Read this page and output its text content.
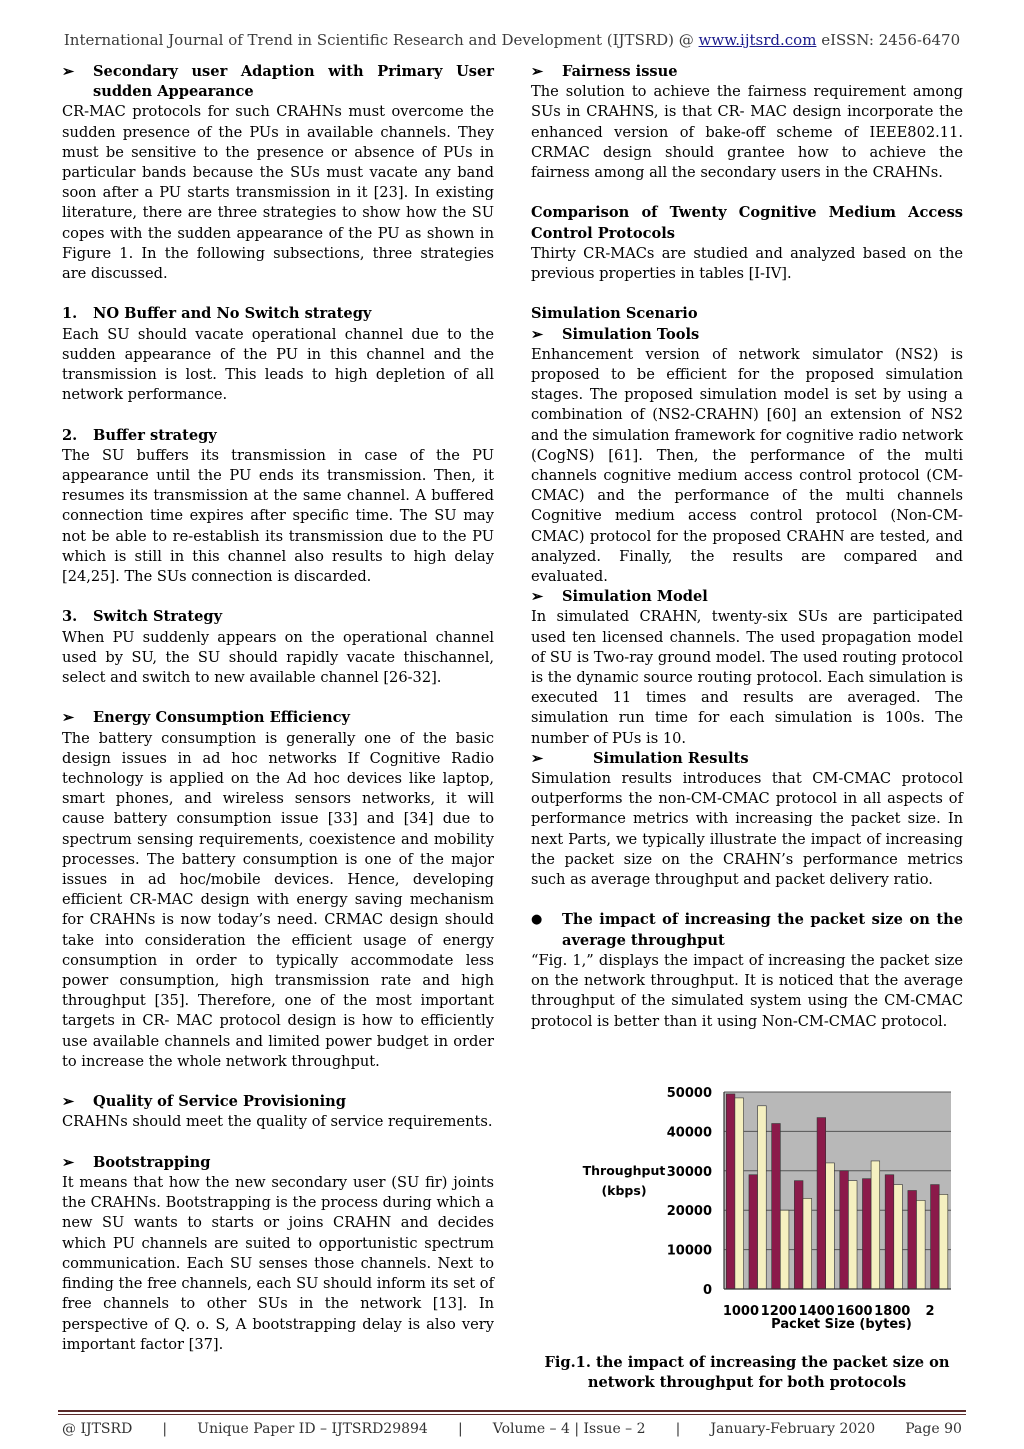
International Journal of Trend in Scientific Research and Development (IJTSRD) @ www.ijtsrd.com eISSN: 2456-6470
➢	Secondary user Adaption with Primary User sudden Appearance

CR-MAC protocols for such CRAHNs must overcome the sudden presence of the PUs in available channels. They must be sensitive to the presence or absence of PUs in particular bands because the SUs must vacate any band soon after a PU starts transmission in it [23]. In existing literature, there are three strategies to show how the SU copes with the sudden appearance of the PU as shown in Figure 1. In the following subsections, three strategies are discussed.

1.	NO Buffer and No Switch strategy

Each SU should vacate operational channel due to the sudden appearance of the PU in this channel and the transmission is lost. This leads to high depletion of all network performance.

2.	Buffer strategy

The SU buffers its transmission in case of the PU appearance until the PU ends its transmission. Then, it resumes its transmission at the same channel. A buffered connection time expires after specific time. The SU may not be able to re-establish its transmission due to the PU which is still in this channel also results to high delay [24,25]. The SUs connection is discarded.

3.	Switch Strategy

When PU suddenly appears on the operational channel used by SU, the SU should rapidly vacate thischannel, select and switch to new available channel [26-32].

➢	Energy Consumption Efficiency

The battery consumption is generally one of the basic design issues in ad hoc networks If Cognitive Radio technology is applied on the Ad hoc devices like laptop, smart phones, and wireless sensors networks, it will cause battery consumption issue [33] and [34] due to spectrum sensing requirements, coexistence and mobility processes. The battery consumption is one of the major issues in ad hoc/mobile devices. Hence, developing efficient CR-MAC design with energy saving mechanism for CRAHNs is now today’s need. CRMAC design should take into consideration the efficient usage of energy consumption in order to typically accommodate less power consumption, high transmission rate and high throughput [35]. Therefore, one of the most important targets in CR- MAC protocol design is how to efficiently use available channels and limited power budget in order to increase the whole network throughput.

➢	Quality of Service Provisioning

CRAHNs should meet the quality of service requirements.

➢	Bootstrapping

It means that how the new secondary user (SU fir) joints the CRAHNs. Bootstrapping is the process during which a new SU wants to starts or joins CRAHN and decides which PU channels are suited to opportunistic spectrum communication. Each SU senses those channels. Next to finding the free channels, each SU should inform its set of free channels to other SUs in the network [13]. In perspective of Q. o. S, A bootstrapping delay is also very important factor [37].

➢	Fairness issue

The solution to achieve the fairness requirement among SUs in CRAHNS, is that CR- MAC design incorporate the enhanced version of bake-off scheme of IEEE802.11. CRMAC design should grantee how to achieve the fairness among all the secondary users in the CRAHNs.

Comparison of Twenty Cognitive Medium Access Control Protocols

Thirty CR-MACs are studied and analyzed based on the previous properties in tables [I-IV].

Simulation Scenario

➢	Simulation Tools

Enhancement version of network simulator (NS2) is proposed to be efficient for the proposed simulation stages. The proposed simulation model is set by using a combination of (NS2-CRAHN) [60] an extension of NS2 and the simulation framework for cognitive radio network (CogNS) [61]. Then, the performance of the multi channels cognitive medium access control protocol (CM-CMAC) and the performance of the multi channels Cognitive medium access control protocol (Non-CM-CMAC) protocol for the proposed CRAHN are tested, and analyzed. Finally, the results are compared and evaluated.

➢	Simulation Model

In simulated CRAHN, twenty-six SUs are participated used ten licensed channels. The used propagation model of SU is Two-ray ground model. The used routing protocol is the dynamic source routing protocol. Each simulation is executed 11 times and results are averaged. The simulation run time for each simulation is 100s. The number of PUs is 10.

➢	Simulation Results

Simulation results introduces that CM-CMAC protocol outperforms the non-CM-CMAC protocol in all aspects of performance metrics with increasing the packet size. In next Parts, we typically illustrate the impact of increasing the packet size on the CRAHN’s performance metrics such as average throughput and packet delivery ratio.

●	The impact of increasing the packet size on the average throughput

“Fig. 1,” displays the impact of increasing the packet size on the network throughput. It is noticed that the average throughput of the simulated system using the CM-CMAC protocol is better than it using Non-CM-CMAC protocol.

0
10000
20000
30000
40000
50000
1000 1200 1400 1600 1800 2
Packet Size (bytes)
Throughput
(kbps)
Fig.1. the impact of increasing the packet size on network throughput for both protocols
@ IJTSRD | Unique Paper ID – IJTSRD29894 | Volume – 4 | Issue – 2 | January-February 2020 Page 90
